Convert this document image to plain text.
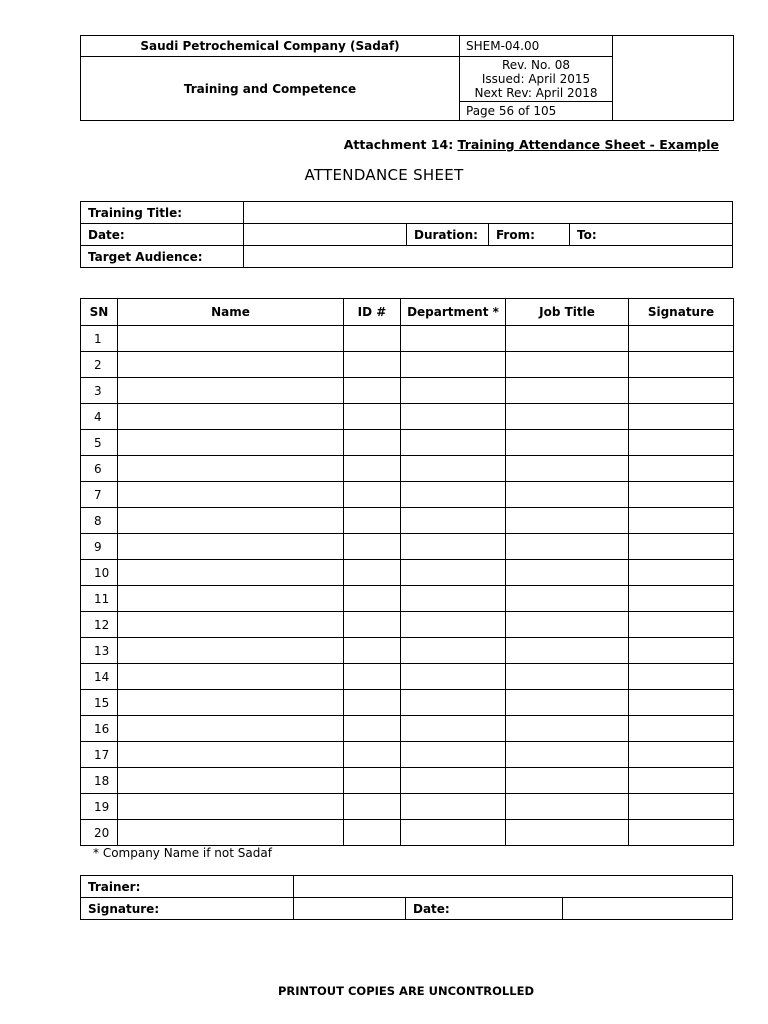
Saudi Petrochemical Company (Sadaf)	SHEM-04.00	
Training and Competence	Rev. No. 08
Issued: April 2015
Next Rev: April 2018	

	Page 56 of 105	
Attachment 14: Training Attendance Sheet - Example
ATTENDANCE SHEET
Training Title:				
Date:		Duration:	From:	To:
Target Audience:				
SN	Name	ID #	Department *	Job Title	Signature
1					
2					
3					
4					
5					
6					
7					
8					
9					
10					
11					
12					
13					
14					
15					
16					
17					
18					
19					
20					
* Company Name if not Sadaf
Trainer:			
Signature:		Date:	
PRINTOUT COPIES ARE UNCONTROLLED
